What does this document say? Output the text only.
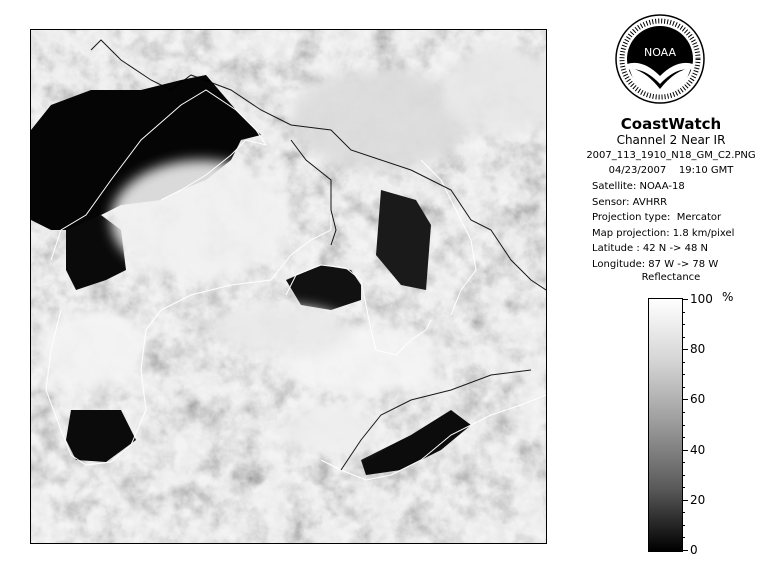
NOAA
CoastWatch
Channel 2 Near IR
2007_113_1910_N18_GM_C2.PNG
04/23/2007    19:10 GMT
Satellite: NOAA-18
Sensor: AVHRR
Projection type:  Mercator
Map projection: 1.8 km/pixel
Latitude : 42 N -> 48 N
Longitude: 87 W -> 78 W
Reflectance
%
100
80
60
40
20
0
